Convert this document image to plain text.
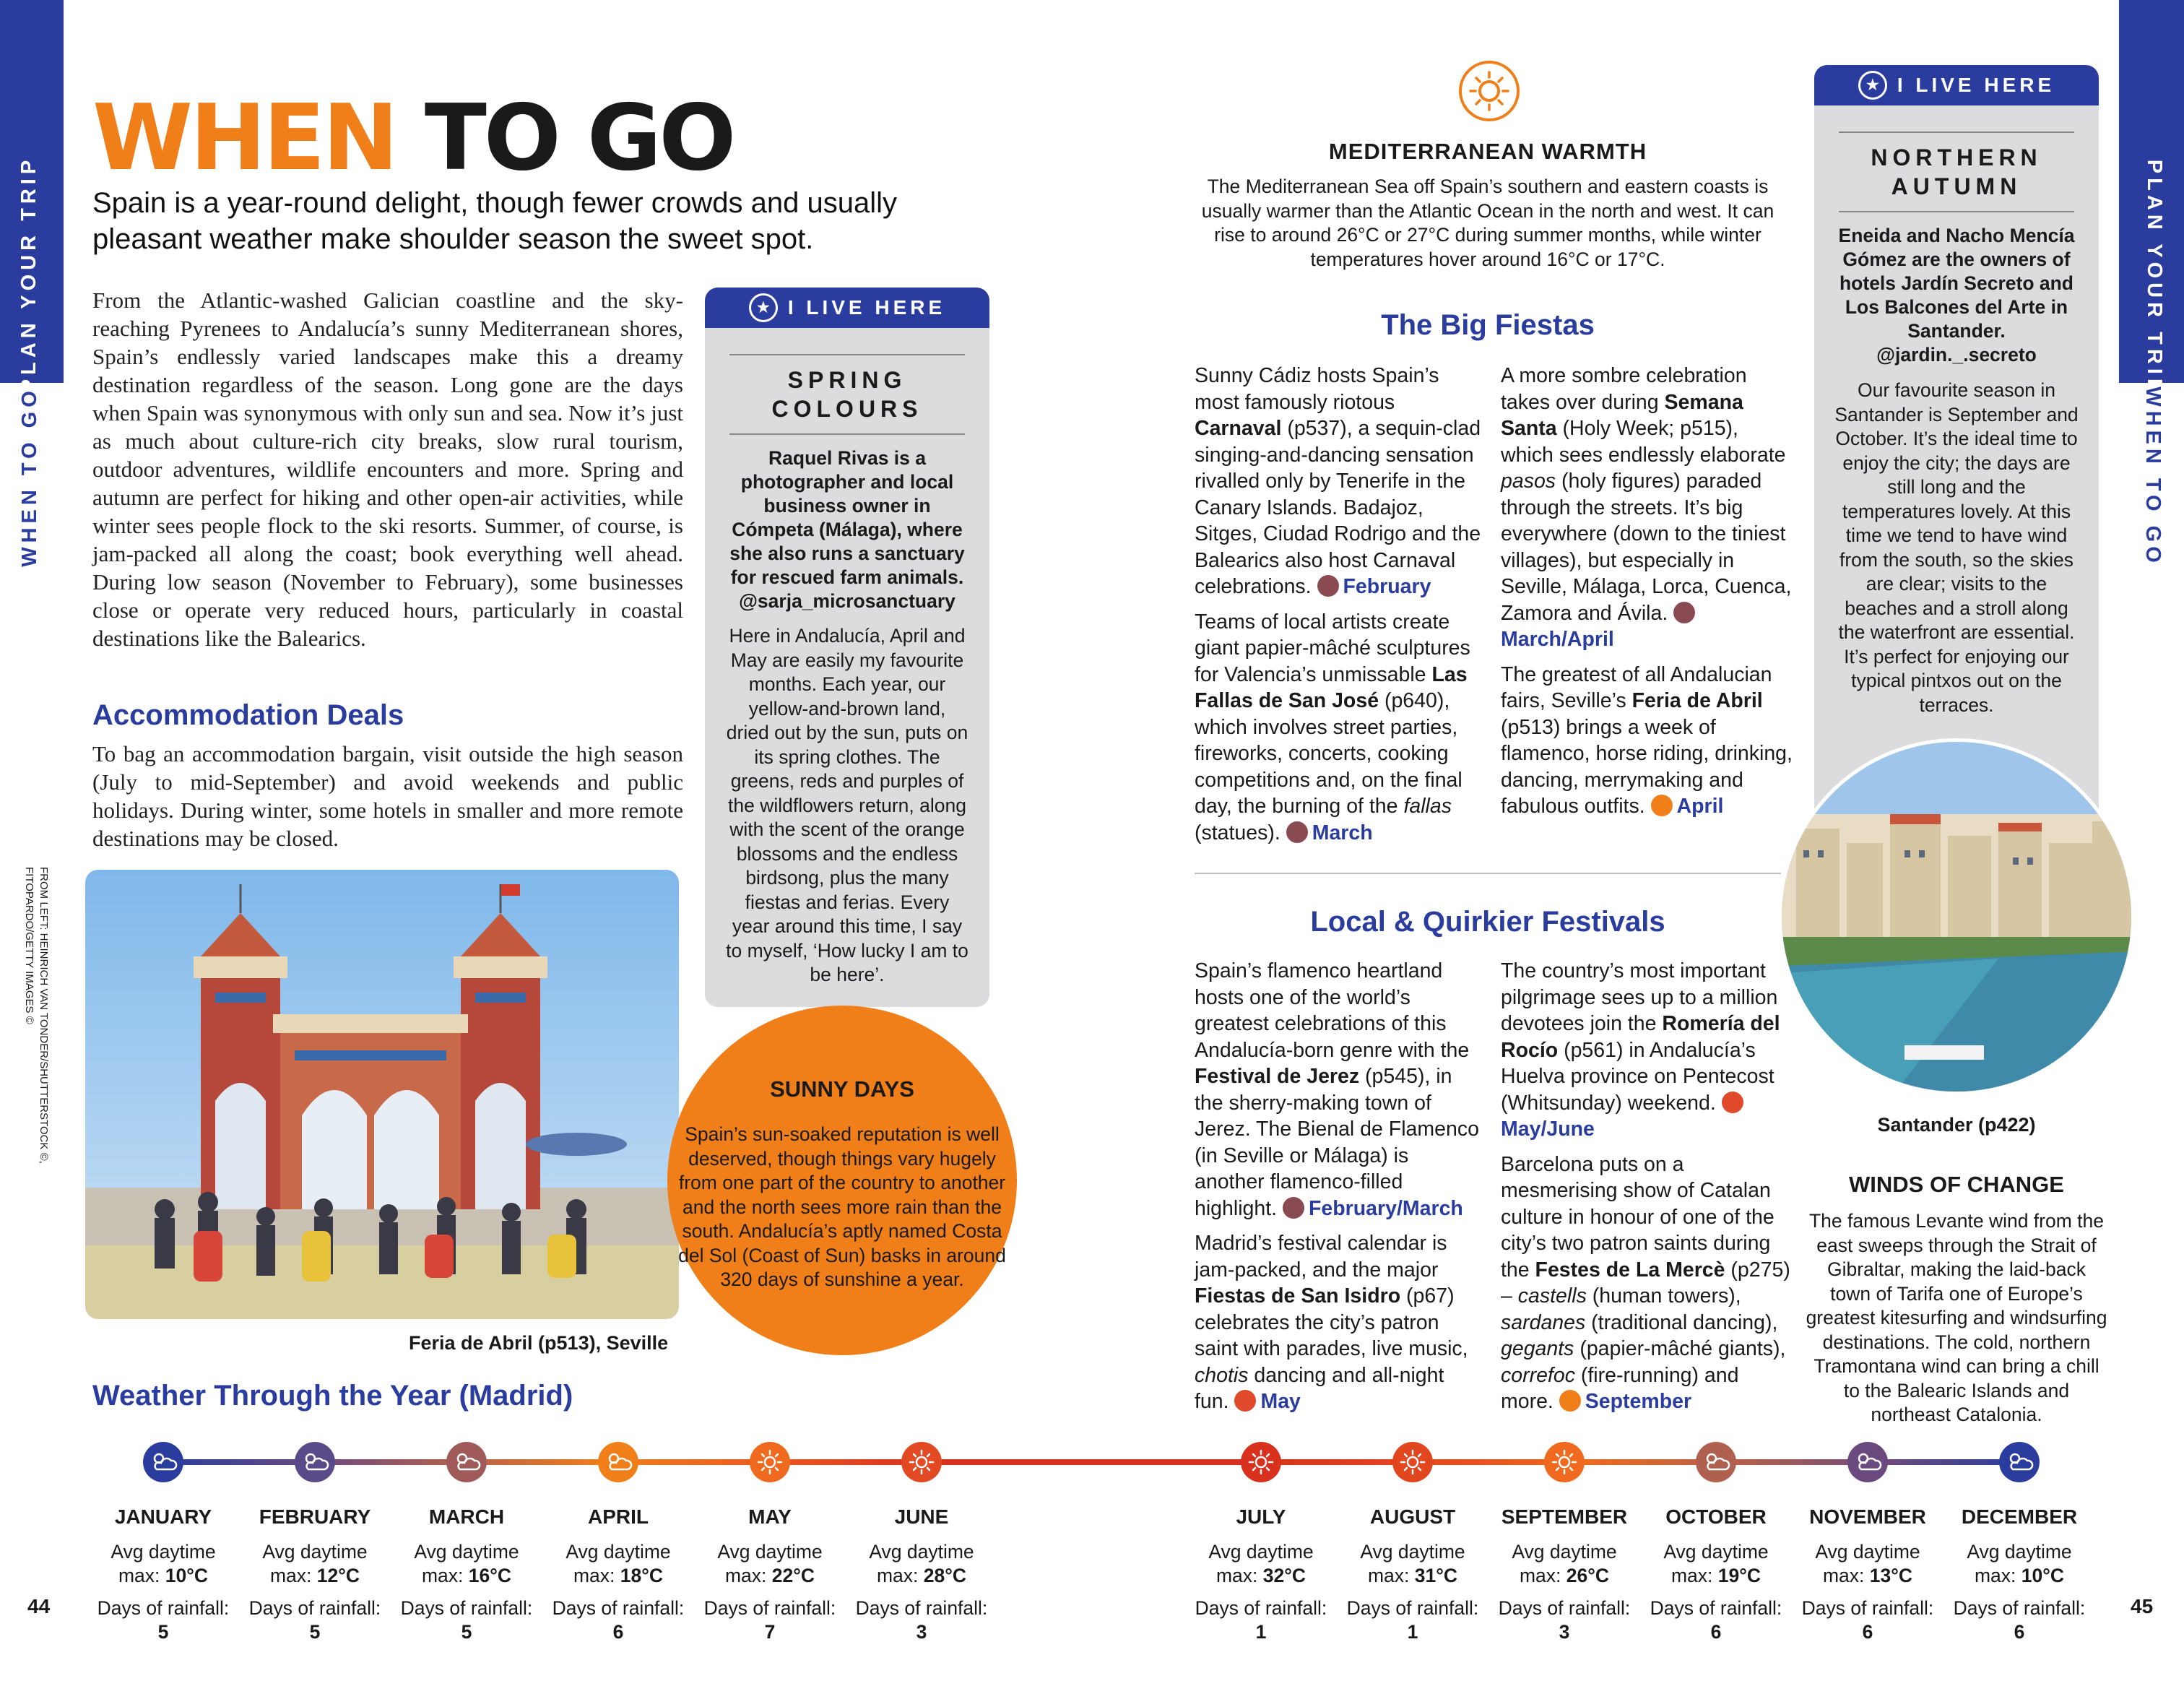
PLAN YOUR TRIP
WHEN TO GO
44
PLAN YOUR TRIP
WHEN TO GO
45
WHEN TO GO
Spain is a year-round delight, though fewer crowds and usually pleasant weather make shoulder season the sweet spot.
From the Atlantic-washed Galician coastline and the sky-reaching Pyrenees to Andalucía’s sunny Mediterranean shores, Spain’s endlessly varied landscapes make this a dreamy destination regardless of the season. Long gone are the days when Spain was synonymous with only sun and sea. Now it’s just as much about culture-rich city breaks, slow rural tourism, outdoor adventures, wildlife encounters and more. Spring and autumn are perfect for hiking and other open-air activities, while winter sees people flock to the ski resorts. Summer, of course, is jam-packed all along the coast; book everything well ahead. During low season (November to February), some businesses close or operate very reduced hours, particularly in coastal destinations like the Balearics.
Accommodation Deals
To bag an accommodation bargain, visit outside the high season (July to mid-September) and avoid weekends and public holidays. During winter, some hotels in smaller and more remote destinations may be closed.
FROM LEFT: HEINRICH VAN TONDER/SHUTTERSTOCK ©, FITOPARDO/GETTY IMAGES ©
Feria de Abril (p513), Seville
★ I LIVE HERE
SPRING
COLOURS
Raquel Rivas is a photographer and local business owner in Cómpeta (Málaga), where she also runs a sanctuary for rescued farm animals. @sarja_microsanctuary
Here in Andalucía, April and May are easily my favourite months. Each year, our yellow-and-brown land, dried out by the sun, puts on its spring clothes. The greens, reds and purples of the wildflowers return, along with the scent of the orange blossoms and the endless birdsong, plus the many fiestas and ferias. Every year around this time, I say to myself, ‘How lucky I am to be here’.
SUNNY DAYS
Spain’s sun-soaked reputation is well deserved, though things vary hugely from one part of the country to another and the north sees more rain than the south. Andalucía’s aptly named Costa del Sol (Coast of Sun) basks in around 320 days of sunshine a year.
MEDITERRANEAN WARMTH
The Mediterranean Sea off Spain’s southern and eastern coasts is usually warmer than the Atlantic Ocean in the north and west. It can rise to around 26°C or 27°C during summer months, while winter temperatures hover around 16°C or 17°C.
The Big Fiestas
Sunny Cádiz hosts Spain’s most famously riotous Carnaval (p537), a sequin-clad singing-and-dancing sensation rivalled only by Tenerife in the Canary Islands. Badajoz, Sitges, Ciudad Rodrigo and the Balearics also host Carnaval celebrations. February
Teams of local artists create giant papier-mâché sculptures for Valencia’s unmissable Las Fallas de San José (p640), which involves street parties, fireworks, concerts, cooking competitions and, on the final day, the burning of the fallas (statues). March
A more sombre celebration takes over during Semana Santa (Holy Week; p515), which sees endlessly elaborate pasos (holy figures) paraded through the streets. It’s big everywhere (down to the tiniest villages), but especially in Seville, Málaga, Lorca, Cuenca, Zamora and Ávila. March/April
The greatest of all Andalucian fairs, Seville’s Feria de Abril (p513) brings a week of flamenco, horse riding, drinking, dancing, merrymaking and fabulous outfits. April
Local & Quirkier Festivals
Spain’s flamenco heartland hosts one of the world’s greatest celebrations of this Andalucía-born genre with the Festival de Jerez (p545), in the sherry-making town of Jerez. The Bienal de Flamenco (in Seville or Málaga) is another flamenco-filled highlight. February/March
Madrid’s festival calendar is jam-packed, and the major Fiestas de San Isidro (p67) celebrates the city’s patron saint with parades, live music, chotis dancing and all-night fun. May
The country’s most important pilgrimage sees up to a million devotees join the Romería del Rocío (p561) in Andalucía’s Huelva province on Pentecost (Whitsunday) weekend. May/June
Barcelona puts on a mesmerising show of Catalan culture in honour of one of the city’s two patron saints during the Festes de La Mercè (p275) – castells (human towers), sardanes (traditional dancing), gegants (papier-mâché giants), correfoc (fire-running) and more. September
★ I LIVE HERE
NORTHERN
AUTUMN
Eneida and Nacho Mencía Gómez are the owners of hotels Jardín Secreto and Los Balcones del Arte in Santander. @jardin._.secreto
Our favourite season in Santander is September and October. It’s the ideal time to enjoy the city; the days are still long and the temperatures lovely. At this time we tend to have wind from the south, so the skies are clear; visits to the beaches and a stroll along the waterfront are essential. It’s perfect for enjoying our typical pintxos out on the terraces.
Santander (p422)
WINDS OF CHANGE
The famous Levante wind from the east sweeps through the Strait of Gibraltar, making the laid-back town of Tarifa one of Europe’s greatest kitesurfing and windsurfing destinations. The cold, northern Tramontana wind can bring a chill to the Balearic Islands and northeast Catalonia.
Weather Through the Year (Madrid)
JANUARY
Avg daytime
max: 10°C
Days of rainfall:
5
FEBRUARY
Avg daytime
max: 12°C
Days of rainfall:
5
MARCH
Avg daytime
max: 16°C
Days of rainfall:
5
APRIL
Avg daytime
max: 18°C
Days of rainfall:
6
MAY
Avg daytime
max: 22°C
Days of rainfall:
7
JUNE
Avg daytime
max: 28°C
Days of rainfall:
3
JULY
Avg daytime
max: 32°C
Days of rainfall:
1
AUGUST
Avg daytime
max: 31°C
Days of rainfall:
1
SEPTEMBER
Avg daytime
max: 26°C
Days of rainfall:
3
OCTOBER
Avg daytime
max: 19°C
Days of rainfall:
6
NOVEMBER
Avg daytime
max: 13°C
Days of rainfall:
6
DECEMBER
Avg daytime
max: 10°C
Days of rainfall:
6
